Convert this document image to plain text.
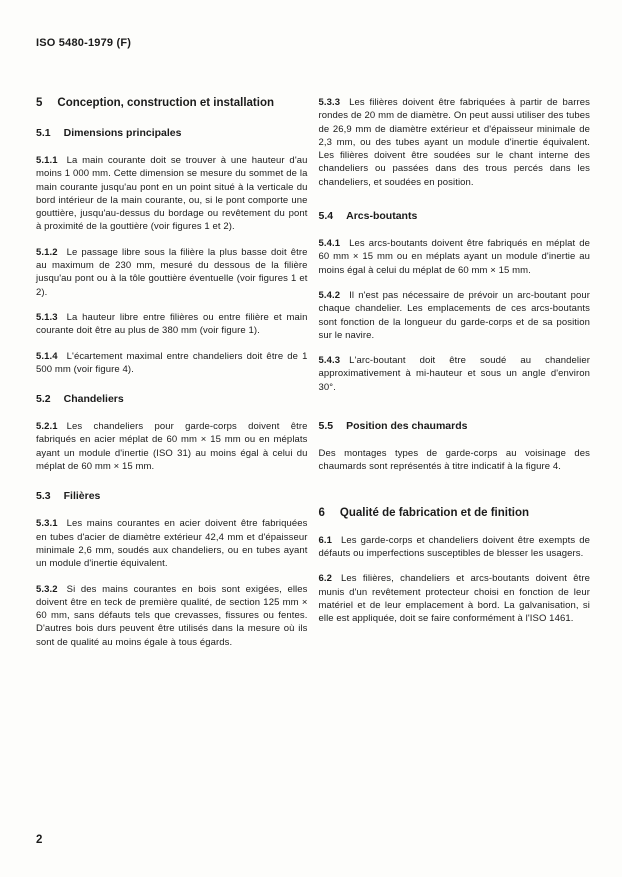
ISO 5480-1979 (F)
5 Conception, construction et installation
5.1 Dimensions principales

5.1.1 La main courante doit se trouver à une hauteur d'au moins 1 000 mm. Cette dimension se mesure du sommet de la main courante jusqu'au pont en un point situé à la verticale du bord intérieur de la main courante, ou, si le pont comporte une gouttière, jusqu'au-dessus du bordage ou revêtement du pont à proximité de la gouttière (voir figures 1 et 2).

5.1.2 Le passage libre sous la filière la plus basse doit être au maximum de 230 mm, mesuré du dessous de la filière jusqu'au pont ou à la tôle gouttière éventuelle (voir figures 1 et 2).

5.1.3 La hauteur libre entre filières ou entre filière et main courante doit être au plus de 380 mm (voir figure 1).

5.1.4 L'écartement maximal entre chandeliers doit être de 1 500 mm (voir figure 4).

5.2 Chandeliers

5.2.1 Les chandeliers pour garde-corps doivent être fabriqués en acier méplat de 60 mm × 15 mm ou en méplats ayant un module d'inertie (ISO 31) au moins égal à celui du méplat de 60 mm × 15 mm.

5.3 Filières

5.3.1 Les mains courantes en acier doivent être fabriquées en tubes d'acier de diamètre extérieur 42,4 mm et d'épaisseur minimale 2,6 mm, soudés aux chandeliers, ou en tubes ayant un module d'inertie équivalent.

5.3.2 Si des mains courantes en bois sont exigées, elles doivent être en teck de première qualité, de section 125 mm × 60 mm, sans défauts tels que crevasses, fissures ou fentes. D'autres bois durs peuvent être utilisés dans la mesure où ils sont de qualité au moins égale à tous égards.

5.3.3 Les filières doivent être fabriquées à partir de barres rondes de 20 mm de diamètre. On peut aussi utiliser des tubes de 26,9 mm de diamètre extérieur et d'épaisseur minimale de 2,3 mm, ou des tubes ayant un module d'inertie équivalent. Les filières doivent être soudées sur le chant interne des chandeliers ou passées dans des trous percés dans les chandeliers, et soudées en position.

5.4 Arcs-boutants

5.4.1 Les arcs-boutants doivent être fabriqués en méplat de 60 mm × 15 mm ou en méplats ayant un module d'inertie au moins égal à celui du méplat de 60 mm × 15 mm.

5.4.2 Il n'est pas nécessaire de prévoir un arc-boutant pour chaque chandelier. Les emplacements de ces arcs-boutants sont fonction de la longueur du garde-corps et de sa position sur le navire.

5.4.3 L'arc-boutant doit être soudé au chandelier approximativement à mi-hauteur et sous un angle d'environ 30°.

5.5 Position des chaumards

Des montages types de garde-corps au voisinage des chaumards sont représentés à titre indicatif à la figure 4.

6 Qualité de fabrication et de finition

6.1 Les garde-corps et chandeliers doivent être exempts de défauts ou imperfections susceptibles de blesser les usagers.

6.2 Les filières, chandeliers et arcs-boutants doivent être munis d'un revêtement protecteur choisi en fonction de leur matériel et de leur emplacement à bord. La galvanisation, si elle est appliquée, doit se faire conformément à l'ISO 1461.

2
